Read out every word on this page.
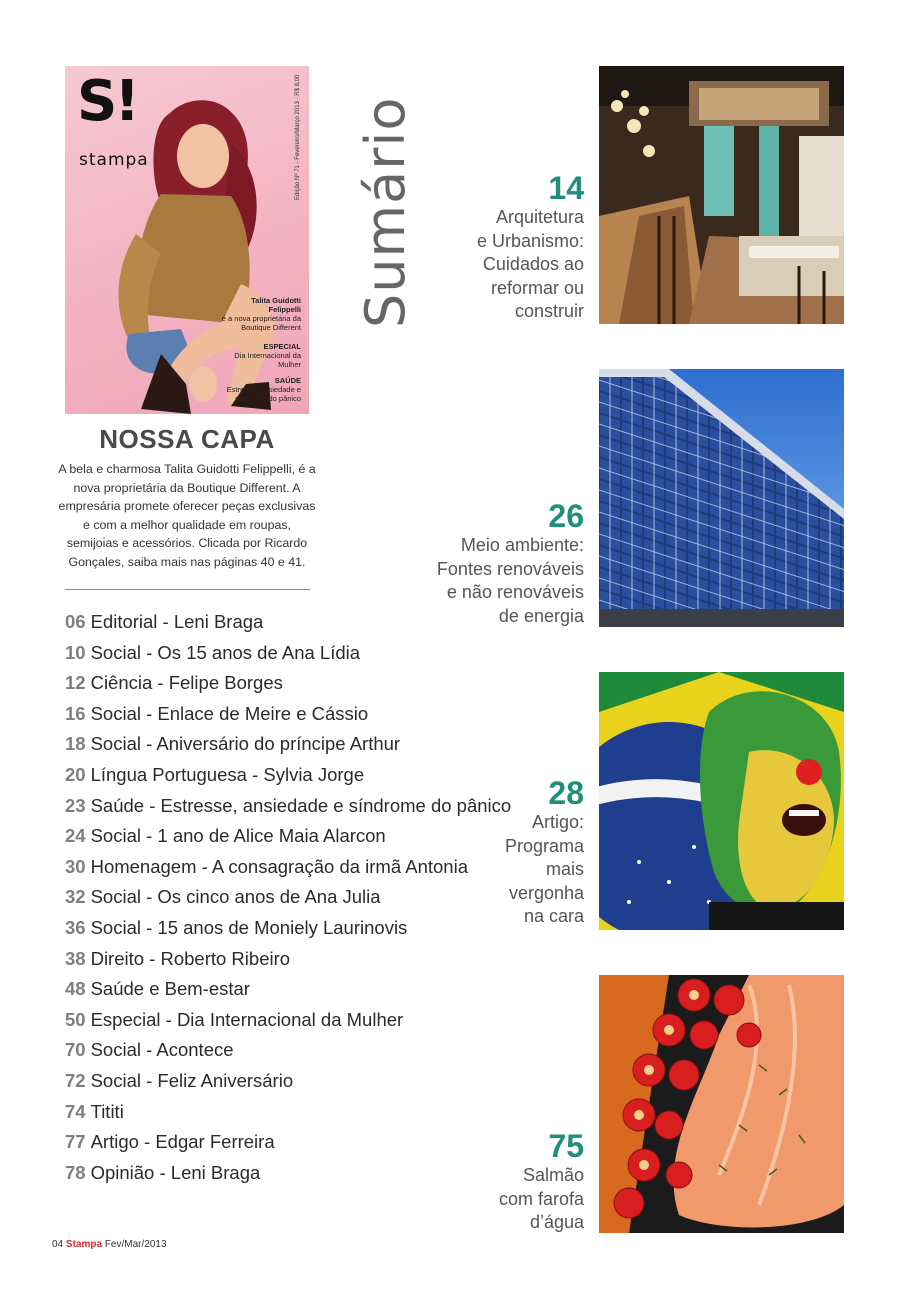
S!
stampa	Edição Nº 71 - Fevereiro/Março 2013 - R$ 8,00
Talita Guidotti Felippelli
é a nova proprietária da Boutique Different
ESPECIAL
Dia Internacional da Mulher
SAÚDE
Estresse, ansiedade e síndrome do pânico
Sumário
NOSSA CAPA
A bela e charmosa Talita Guidotti Felippelli, é a nova proprietária da Boutique Different. A empresária promete oferecer peças exclusivas e com a melhor qualidade em roupas, semijoias e acessórios. Clicada por Ricardo Gonçales, saiba mais nas páginas 40 e 41.
06 Editorial - Leni Braga
10 Social - Os 15 anos de Ana Lídia
12 Ciência - Felipe Borges
16 Social - Enlace de Meire e Cássio
18 Social - Aniversário do príncipe Arthur
20 Língua Portuguesa - Sylvia Jorge
23 Saúde - Estresse, ansiedade e síndrome do pânico
24 Social - 1 ano de Alice Maia Alarcon
30 Homenagem - A consagração da irmã Antonia
32 Social - Os cinco anos de Ana Julia
36 Social - 15 anos de Moniely Laurinovis
38 Direito - Roberto Ribeiro
48 Saúde e Bem-estar
50 Especial - Dia Internacional da Mulher
70 Social - Acontece
72 Social - Feliz Aniversário
74 Tititi
77 Artigo - Edgar Ferreira
78 Opinião - Leni Braga
14
Arquitetura
e Urbanismo:
Cuidados ao
reformar ou
construir
26
Meio ambiente:
Fontes renováveis
e não renováveis
de energia
28
Artigo:
Programa
mais
vergonha
na cara
75
Salmão
com farofa
d’água
04 Stampa Fev/Mar/2013
